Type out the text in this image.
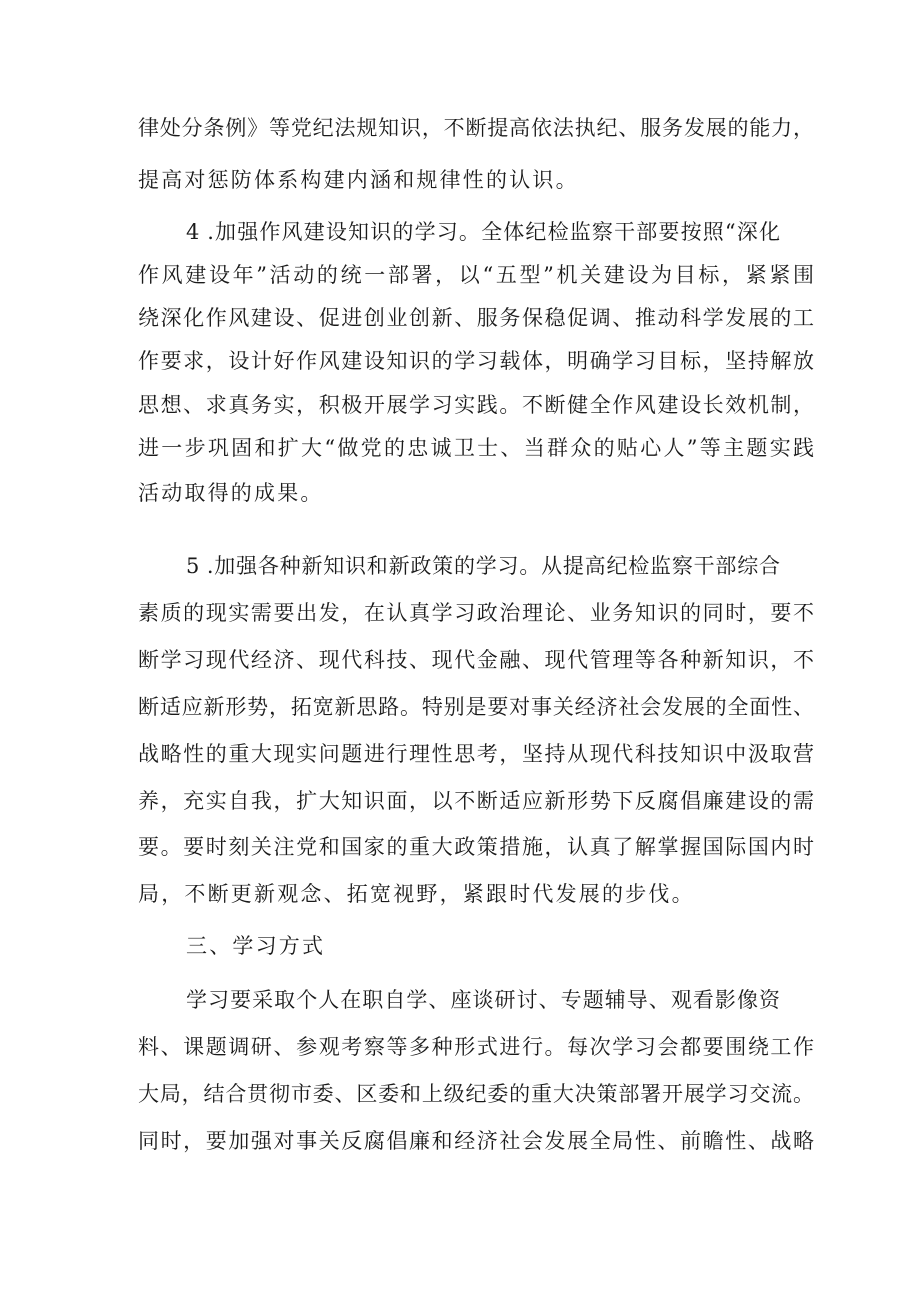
律处分条例》等党纪法规知识，不断提高依法执纪、服务发展的能力，
提高对惩防体系构建内涵和规律性的认识。
4 .加强作风建设知识的学习。全体纪检监察干部要按照“深化
作风建设年”活动的统一部署，以“五型”机关建设为目标，紧紧围
绕深化作风建设、促进创业创新、服务保稳促调、推动科学发展的工
作要求，设计好作风建设知识的学习载体，明确学习目标，坚持解放
思想、求真务实，积极开展学习实践。不断健全作风建设长效机制，
进一步巩固和扩大“做党的忠诚卫士、当群众的贴心人”等主题实践
活动取得的成果。
5 .加强各种新知识和新政策的学习。从提高纪检监察干部综合
素质的现实需要出发，在认真学习政治理论、业务知识的同时，要不
断学习现代经济、现代科技、现代金融、现代管理等各种新知识，不
断适应新形势，拓宽新思路。特别是要对事关经济社会发展的全面性、
战略性的重大现实问题进行理性思考，坚持从现代科技知识中汲取营
养，充实自我，扩大知识面，以不断适应新形势下反腐倡廉建设的需
要。要时刻关注党和国家的重大政策措施，认真了解掌握国际国内时
局，不断更新观念、拓宽视野，紧跟时代发展的步伐。
三、学习方式
学习要采取个人在职自学、座谈研讨、专题辅导、观看影像资
料、课题调研、参观考察等多种形式进行。每次学习会都要围绕工作
大局，结合贯彻市委、区委和上级纪委的重大决策部署开展学习交流。
同时，要加强对事关反腐倡廉和经济社会发展全局性、前瞻性、战略
